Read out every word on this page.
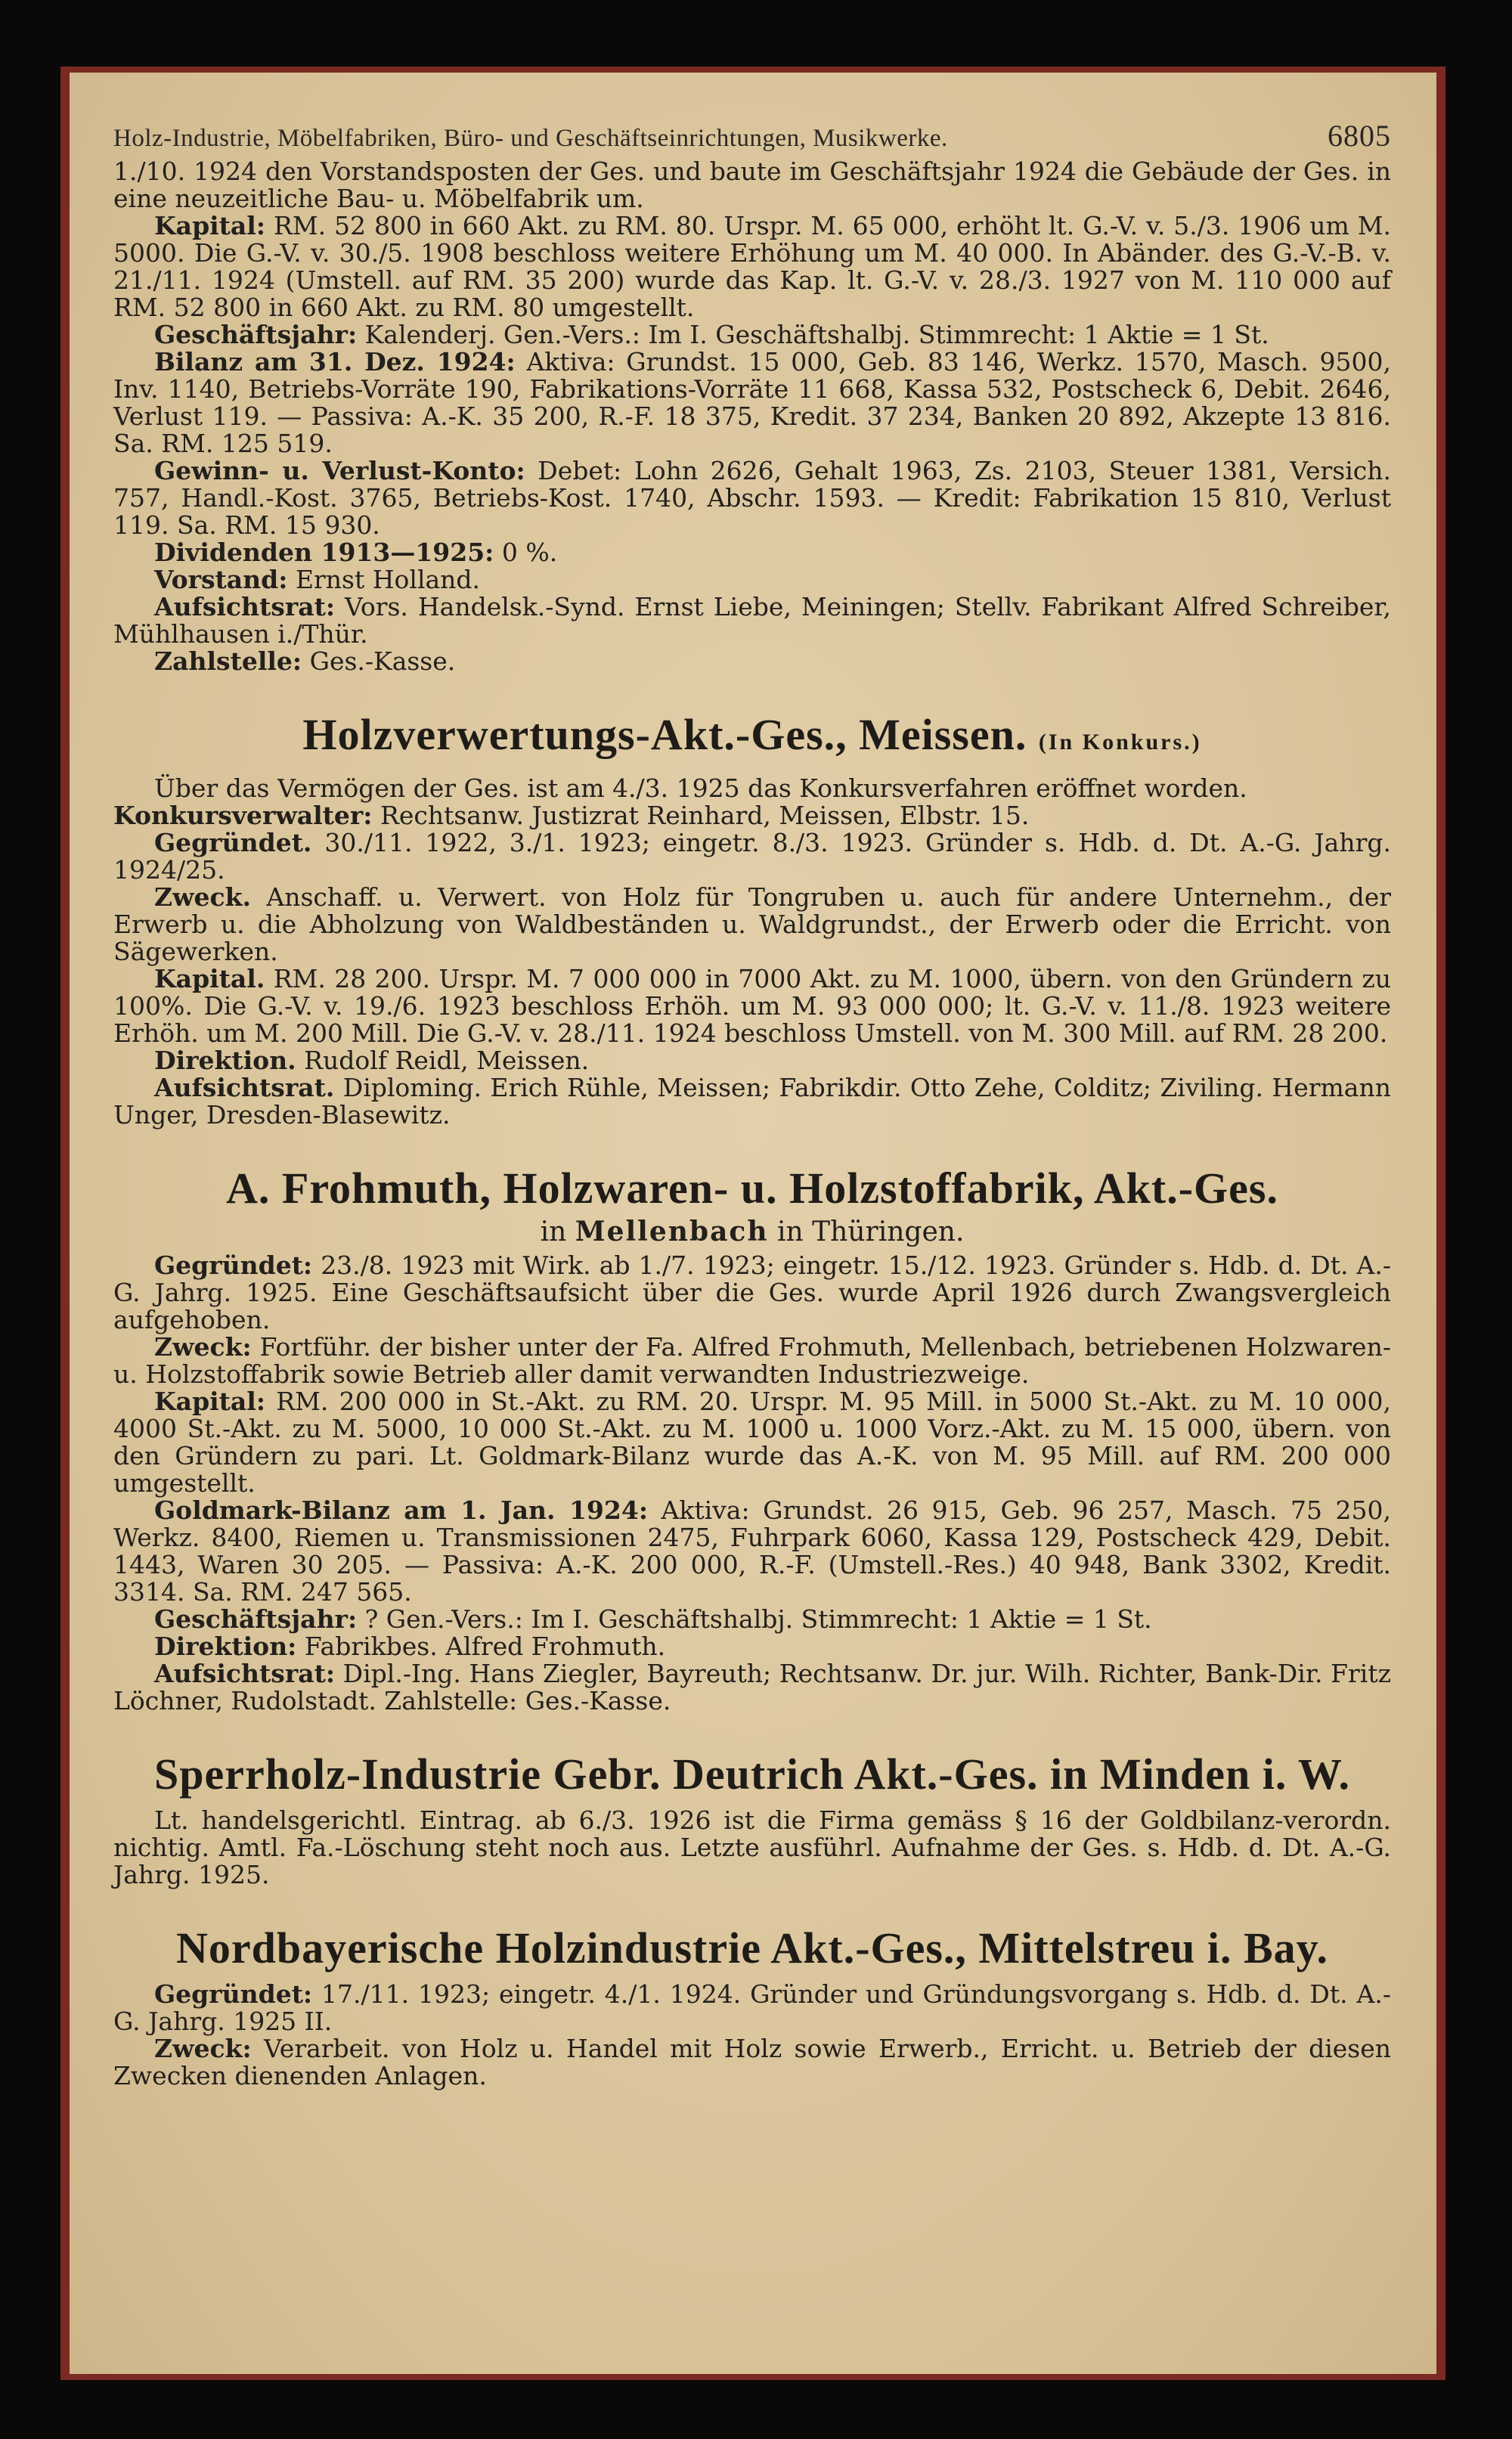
Holz-Industrie, Möbelfabriken, Büro- und Geschäftseinrichtungen, Musikwerke.	6805

1./10. 1924 den Vorstandsposten der Ges. und baute im Geschäftsjahr 1924 die Gebäude der Ges. in eine neuzeitliche Bau- u. Möbelfabrik um.

Kapital: RM. 52 800 in 660 Akt. zu RM. 80. Urspr. M. 65 000, erhöht lt. G.-V. v. 5./3. 1906 um M. 5000. Die G.-V. v. 30./5. 1908 beschloss weitere Erhöhung um M. 40 000. In Abänder. des G.-V.-B. v. 21./11. 1924 (Umstell. auf RM. 35 200) wurde das Kap. lt. G.-V. v. 28./3. 1927 von M. 110 000 auf RM. 52 800 in 660 Akt. zu RM. 80 umgestellt.

Geschäftsjahr: Kalenderj. Gen.-Vers.: Im I. Geschäftshalbj. Stimmrecht: 1 Aktie = 1 St.

Bilanz am 31. Dez. 1924: Aktiva: Grundst. 15 000, Geb. 83 146, Werkz. 1570, Masch. 9500, Inv. 1140, Betriebs-Vorräte 190, Fabrikations-Vorräte 11 668, Kassa 532, Postscheck 6, Debit. 2646, Verlust 119. — Passiva: A.-K. 35 200, R.-F. 18 375, Kredit. 37 234, Banken 20 892, Akzepte 13 816. Sa. RM. 125 519.

Gewinn- u. Verlust-Konto: Debet: Lohn 2626, Gehalt 1963, Zs. 2103, Steuer 1381, Versich. 757, Handl.-Kost. 3765, Betriebs-Kost. 1740, Abschr. 1593. — Kredit: Fabrikation 15 810, Verlust 119. Sa. RM. 15 930.

Dividenden 1913—1925: 0 %.

Vorstand: Ernst Holland.

Aufsichtsrat: Vors. Handelsk.-Synd. Ernst Liebe, Meiningen; Stellv. Fabrikant Alfred Schreiber, Mühlhausen i./Thür.

Zahlstelle: Ges.-Kasse.

Holzverwertungs-Akt.-Ges., Meissen. (In Konkurs.)

Über das Vermögen der Ges. ist am 4./3. 1925 das Konkursverfahren eröffnet worden.

Konkursverwalter: Rechtsanw. Justizrat Reinhard, Meissen, Elbstr. 15.

Gegründet. 30./11. 1922, 3./1. 1923; eingetr. 8./3. 1923. Gründer s. Hdb. d. Dt. A.-G. Jahrg. 1924/25.

Zweck. Anschaff. u. Verwert. von Holz für Tongruben u. auch für andere Unternehm., der Erwerb u. die Abholzung von Waldbeständen u. Waldgrundst., der Erwerb oder die Erricht. von Sägewerken.

Kapital. RM. 28 200. Urspr. M. 7 000 000 in 7000 Akt. zu M. 1000, übern. von den Gründern zu 100%. Die G.-V. v. 19./6. 1923 beschloss Erhöh. um M. 93 000 000; lt. G.-V. v. 11./8. 1923 weitere Erhöh. um M. 200 Mill. Die G.-V. v. 28./11. 1924 beschloss Umstell. von M. 300 Mill. auf RM. 28 200.

Direktion. Rudolf Reidl, Meissen.

Aufsichtsrat. Diploming. Erich Rühle, Meissen; Fabrikdir. Otto Zehe, Colditz; Ziviling. Hermann Unger, Dresden-Blasewitz.

A. Frohmuth, Holzwaren- u. Holzstoffabrik, Akt.-Ges.
in Mellenbach in Thüringen.

Gegründet: 23./8. 1923 mit Wirk. ab 1./7. 1923; eingetr. 15./12. 1923. Gründer s. Hdb. d. Dt. A.-G. Jahrg. 1925. Eine Geschäftsaufsicht über die Ges. wurde April 1926 durch Zwangsvergleich aufgehoben.

Zweck: Fortführ. der bisher unter der Fa. Alfred Frohmuth, Mellenbach, betriebenen Holzwaren- u. Holzstoffabrik sowie Betrieb aller damit verwandten Industriezweige.

Kapital: RM. 200 000 in St.-Akt. zu RM. 20. Urspr. M. 95 Mill. in 5000 St.-Akt. zu M. 10 000, 4000 St.-Akt. zu M. 5000, 10 000 St.-Akt. zu M. 1000 u. 1000 Vorz.-Akt. zu M. 15 000, übern. von den Gründern zu pari. Lt. Goldmark-Bilanz wurde das A.-K. von M. 95 Mill. auf RM. 200 000 umgestellt.

Goldmark-Bilanz am 1. Jan. 1924: Aktiva: Grundst. 26 915, Geb. 96 257, Masch. 75 250, Werkz. 8400, Riemen u. Transmissionen 2475, Fuhrpark 6060, Kassa 129, Postscheck 429, Debit. 1443, Waren 30 205. — Passiva: A.-K. 200 000, R.-F. (Umstell.-Res.) 40 948, Bank 3302, Kredit. 3314. Sa. RM. 247 565.

Geschäftsjahr: ? Gen.-Vers.: Im I. Geschäftshalbj. Stimmrecht: 1 Aktie = 1 St.

Direktion: Fabrikbes. Alfred Frohmuth.

Aufsichtsrat: Dipl.-Ing. Hans Ziegler, Bayreuth; Rechtsanw. Dr. jur. Wilh. Richter, Bank-Dir. Fritz Löchner, Rudolstadt. Zahlstelle: Ges.-Kasse.

Sperrholz-Industrie Gebr. Deutrich Akt.-Ges. in Minden i. W.

Lt. handelsgerichtl. Eintrag. ab 6./3. 1926 ist die Firma gemäss § 16 der Goldbilanz-verordn. nichtig. Amtl. Fa.-Löschung steht noch aus. Letzte ausführl. Aufnahme der Ges. s. Hdb. d. Dt. A.-G. Jahrg. 1925.

Nordbayerische Holzindustrie Akt.-Ges., Mittelstreu i. Bay.

Gegründet: 17./11. 1923; eingetr. 4./1. 1924. Gründer und Gründungsvorgang s. Hdb. d. Dt. A.-G. Jahrg. 1925 II.

Zweck: Verarbeit. von Holz u. Handel mit Holz sowie Erwerb., Erricht. u. Betrieb der diesen Zwecken dienenden Anlagen.
